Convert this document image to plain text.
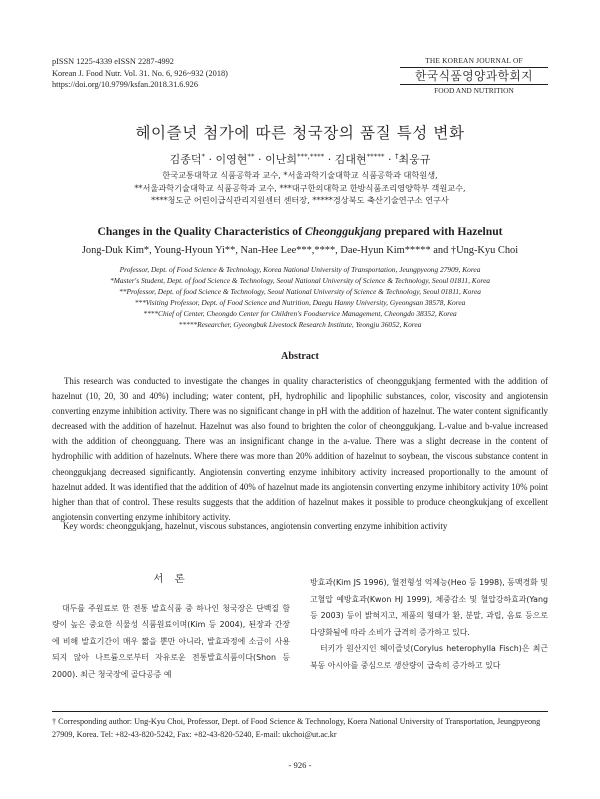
pISSN 1225-4339 eISSN 2287-4992
Korean J. Food Nutr. Vol. 31. No. 6, 926~932 (2018)
https://doi.org/10.9799/ksfan.2018.31.6.926
THE KOREAN JOURNAL OF
한국식품영양과학회지
FOOD AND NUTRITION
헤이즐넛 첨가에 따른 청국장의 품질 특성 변화
김종덕* · 이영현** · 이난희***,**** · 김대현***** · †최웅규
한국교통대학교 식품공학과 교수, *서울과학기술대학교 식품공학과 대학원생,
**서울과학기술대학교 식품공학과 교수, ***대구한의대학교 한방식품조리영양학부 객원교수,
****청도군 어린이급식관리지원센터 센터장, *****경상북도 축산기술연구소 연구사
Changes in the Quality Characteristics of Cheonggukjang prepared with Hazelnut
Jong-Duk Kim*, Young-Hyoun Yi**, Nan-Hee Lee***,****, Dae-Hyun Kim***** and †Ung-Kyu Choi
Professor, Dept. of Food Science & Technology, Korea National University of Transportation, Jeungpyeong 27909, Korea
*Master's Student, Dept. of food Science & Technology, Seoul National University of Science & Technology, Seoul 01811, Korea
**Professor, Dept. of food Science & Technology, Seoul National University of Science & Technology, Seoul 01811, Korea
***Visiting Professor, Dept. of Food Science and Nutrition, Daegu Hanny University, Gyeongsan 38578, Korea
****Chief of Center, Cheongdo Center for Children's Foodservice Management, Cheongdo 38352, Korea
*****Researcher, Gyeongbuk Livestock Research Institute, Yeongju 36052, Korea
Abstract

This research was conducted to investigate the changes in quality characteristics of cheonggukjang fermented with the addition of hazelnut (10, 20, 30 and 40%) including; water content, pH, hydrophilic and lipophilic substances, color, viscosity and angiotensin converting enzyme inhibition activity. There was no significant change in pH with the addition of hazelnut. The water content significantly decreased with the addition of hazelnut. Hazelnut was also found to brighten the color of cheonggukjang. L-value and b-value increased with the addition of cheongguang. There was an insignificant change in the a-value. There was a slight decrease in the content of hydrophilic with addition of hazelnuts. Where there was more than 20% addition of hazelnut to soybean, the viscous substance content in cheonggukjang decreased significantly. Angiotensin converting enzyme inhibitory activity increased proportionally to the amount of hazelnut added. It was identified that the addition of 40% of hazelnut made its angiotensin converting enzyme inhibitory activity 10% point higher than that of control. These results suggests that the addition of hazelnut makes it possible to produce cheongkukjang of excellent angiotensin converting enzyme inhibitory activity.

Key words: cheonggukjang, hazelnut, viscous substances, angiotensin converting enzyme inhibition activity
서 론

대두를 주원료로 한 전통 발효식품 중 하나인 청국장은 단백질 함량이 높은 중요한 식물성 식품원료이며(Kim 등 2004), 된장과 간장에 비해 발효기간이 매우 짧을 뿐만 아니라, 발효과정에 소금이 사용되지 않아 나트륨으로부터 자유로운 전통발효식품이다(Shon 등 2000). 최근 청국장에 골다공증 예

방효과(Kim JS 1996), 혈전형성 억제능(Heo 등 1998), 동맥경화 및 고혈압 예방효과(Kwon HJ 1999), 체중감소 및 혈압강하효과(Yang 등 2003) 등이 밝혀지고, 제품의 형태가 환, 분말, 과립, 음료 등으로 다양화됨에 따라 소비가 급격히 증가하고 있다.

터키가 원산지인 헤이즐넛(Corylus heterophylla Fisch)은 최근 북동 아시아를 중심으로 생산량이 급속히 증가하고 있다

† Corresponding author: Ung-Kyu Choi, Professor, Dept. of Food Science & Technology, Koera National University of Transportation, Jeungpyeong 27909, Korea. Tel: +82-43-820-5242, Fax: +82-43-820-5240, E-mail: ukchoi@ut.ac.kr
- 926 -
